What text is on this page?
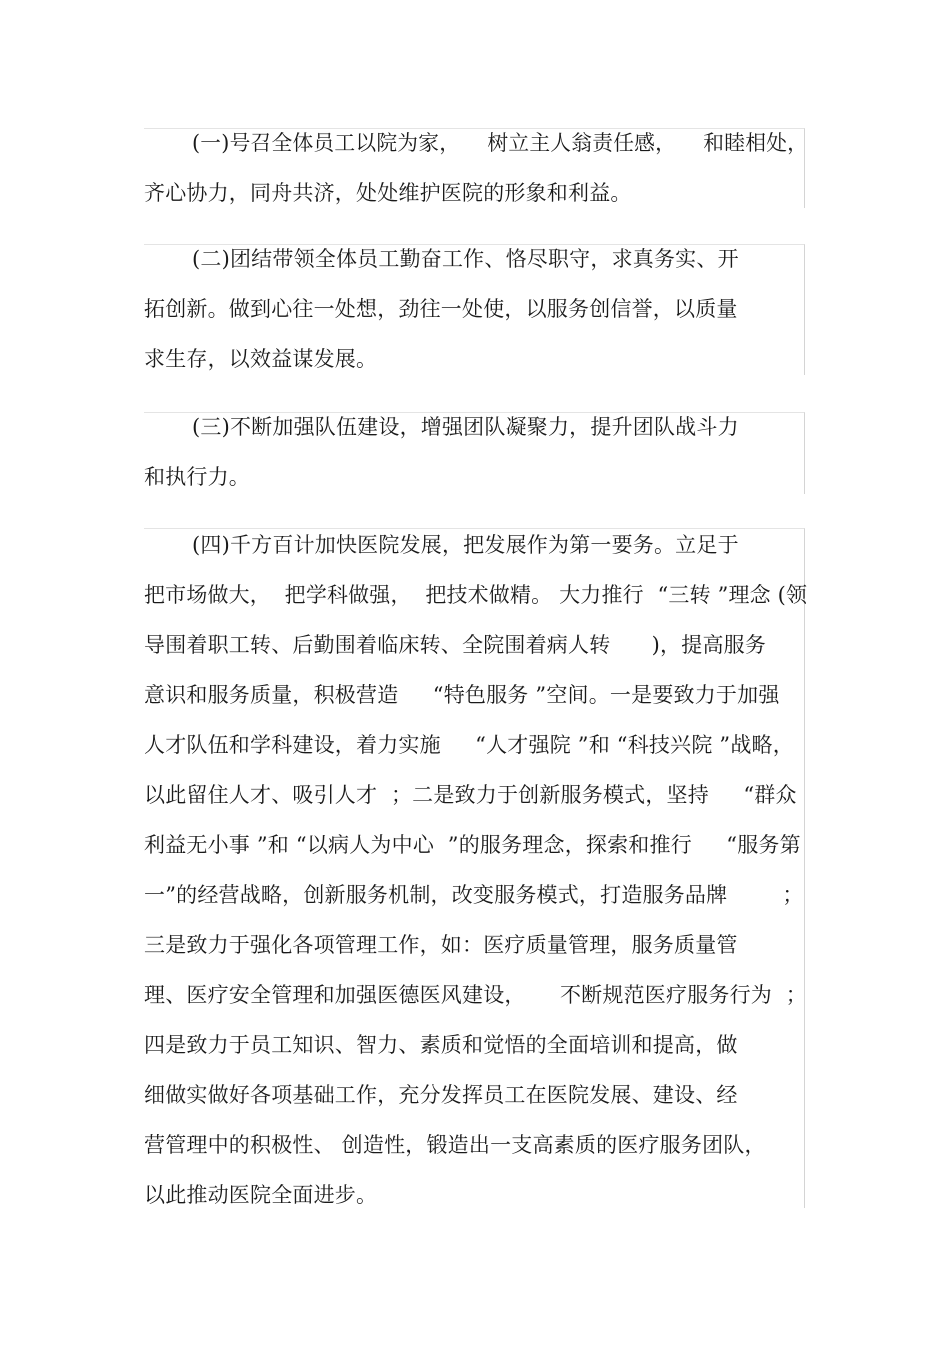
(一)号召全体员工以院为家，    树立主人翁责任感，    和睦相处，
齐心协力，同舟共济，处处维护医院的形象和利益。
(二)团结带领全体员工勤奋工作、恪尽职守，求真务实、开
拓创新。做到心往一处想，劲往一处使，以服务创信誉，以质量
求生存，以效益谋发展。
(三)不断加强队伍建设，增强团队凝聚力，提升团队战斗力
和执行力。
(四)千方百计加快医院发展，把发展作为第一要务。立足于
把市场做大，  把学科做强，  把技术做精。 大力推行  “三转 ”理念 (领
导围着职工转、后勤围着临床转、全院围着病人转      )，提高服务
意识和服务质量，积极营造     “特色服务 ”空间。一是要致力于加强
人才队伍和学科建设，着力实施     “人才强院 ”和 “科技兴院 ”战略，
以此留住人才、吸引人才  ；二是致力于创新服务模式，坚持     “群众
利益无小事 ”和 “以病人为中心  ”的服务理念，探索和推行     “服务第
一”的经营战略，创新服务机制，改变服务模式，打造服务品牌        ；
三是致力于强化各项管理工作，如：医疗质量管理，服务质量管
理、医疗安全管理和加强医德医风建设，     不断规范医疗服务行为  ；
四是致力于员工知识、智力、素质和觉悟的全面培训和提高，做
细做实做好各项基础工作，充分发挥员工在医院发展、建设、经
营管理中的积极性、 创造性，锻造出一支高素质的医疗服务团队，
以此推动医院全面进步。
